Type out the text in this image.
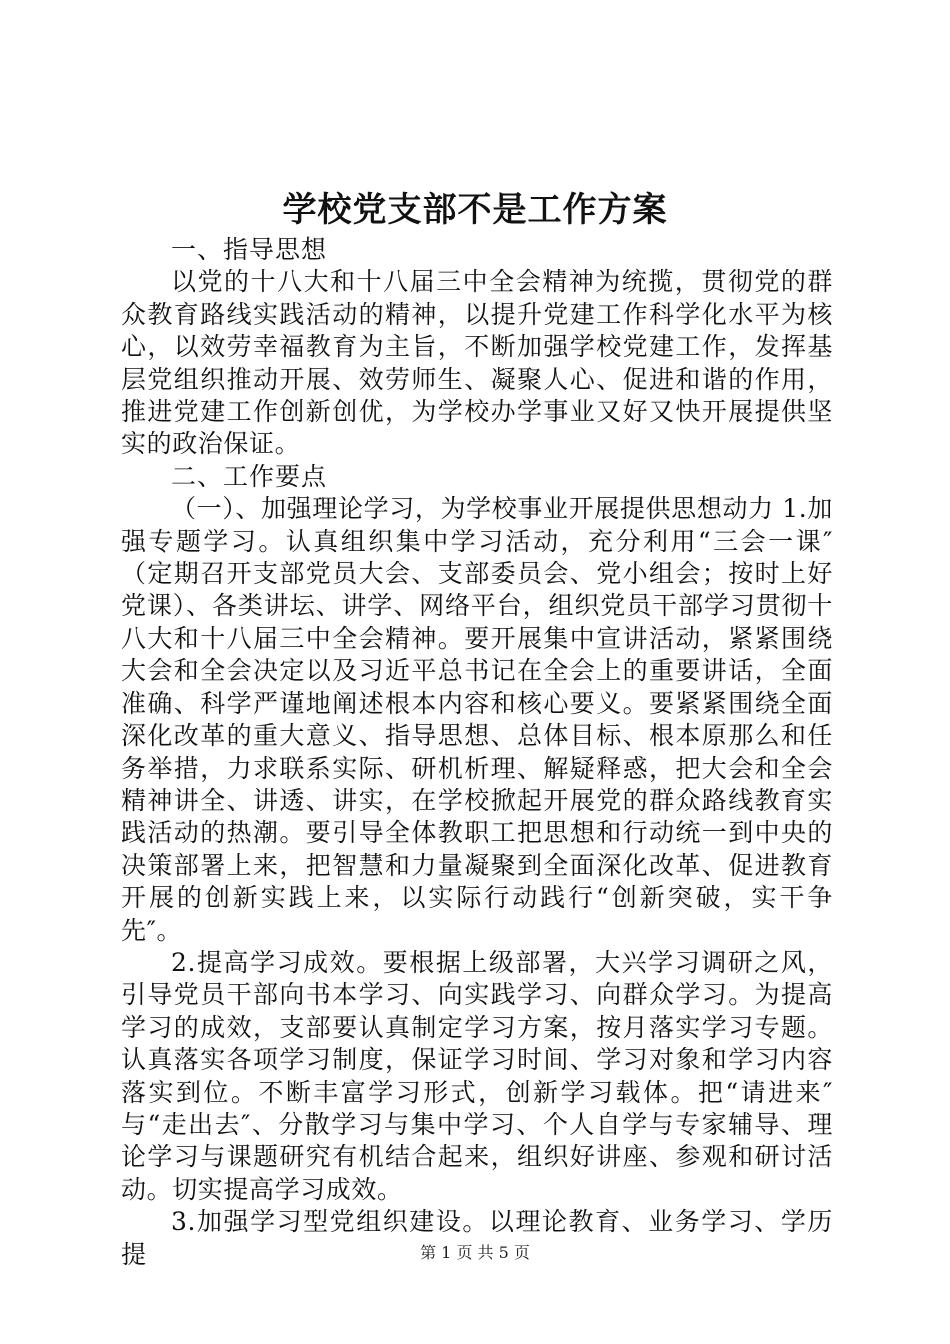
学校党支部不是工作方案

一、指导思想

以党的十八大和十八届三中全会精神为统揽，贯彻党的群众教育路线实践活动的精神，以提升党建工作科学化水平为核心，以效劳幸福教育为主旨，不断加强学校党建工作，发挥基层党组织推动开展、效劳师生、凝聚人心、促进和谐的作用，推进党建工作创新创优，为学校办学事业又好又快开展提供坚实的政治保证。

二、工作要点

（一）、加强理论学习，为学校事业开展提供思想动力 1.加强专题学习。认真组织集中学习活动，充分利用“三会一课″（定期召开支部党员大会、支部委员会、党小组会；按时上好党课）、各类讲坛、讲学、网络平台，组织党员干部学习贯彻十八大和十八届三中全会精神。要开展集中宣讲活动，紧紧围绕大会和全会决定以及习近平总书记在全会上的重要讲话，全面准确、科学严谨地阐述根本内容和核心要义。要紧紧围绕全面深化改革的重大意义、指导思想、总体目标、根本原那么和任务举措，力求联系实际、研机析理、解疑释惑，把大会和全会精神讲全、讲透、讲实，在学校掀起开展党的群众路线教育实践活动的热潮。要引导全体教职工把思想和行动统一到中央的决策部署上来，把智慧和力量凝聚到全面深化改革、促进教育开展的创新实践上来，以实际行动践行“创新突破，实干争先″。

2.提高学习成效。要根据上级部署，大兴学习调研之风，引导党员干部向书本学习、向实践学习、向群众学习。为提高学习的成效，支部要认真制定学习方案，按月落实学习专题。认真落实各项学习制度，保证学习时间、学习对象和学习内容落实到位。不断丰富学习形式，创新学习载体。把“请进来″与“走出去″、分散学习与集中学习、个人自学与专家辅导、理论学习与课题研究有机结合起来，组织好讲座、参观和研讨活动。切实提高学习成效。

3.加强学习型党组织建设。以理论教育、业务学习、学历提	第 1 页 共 5 页
